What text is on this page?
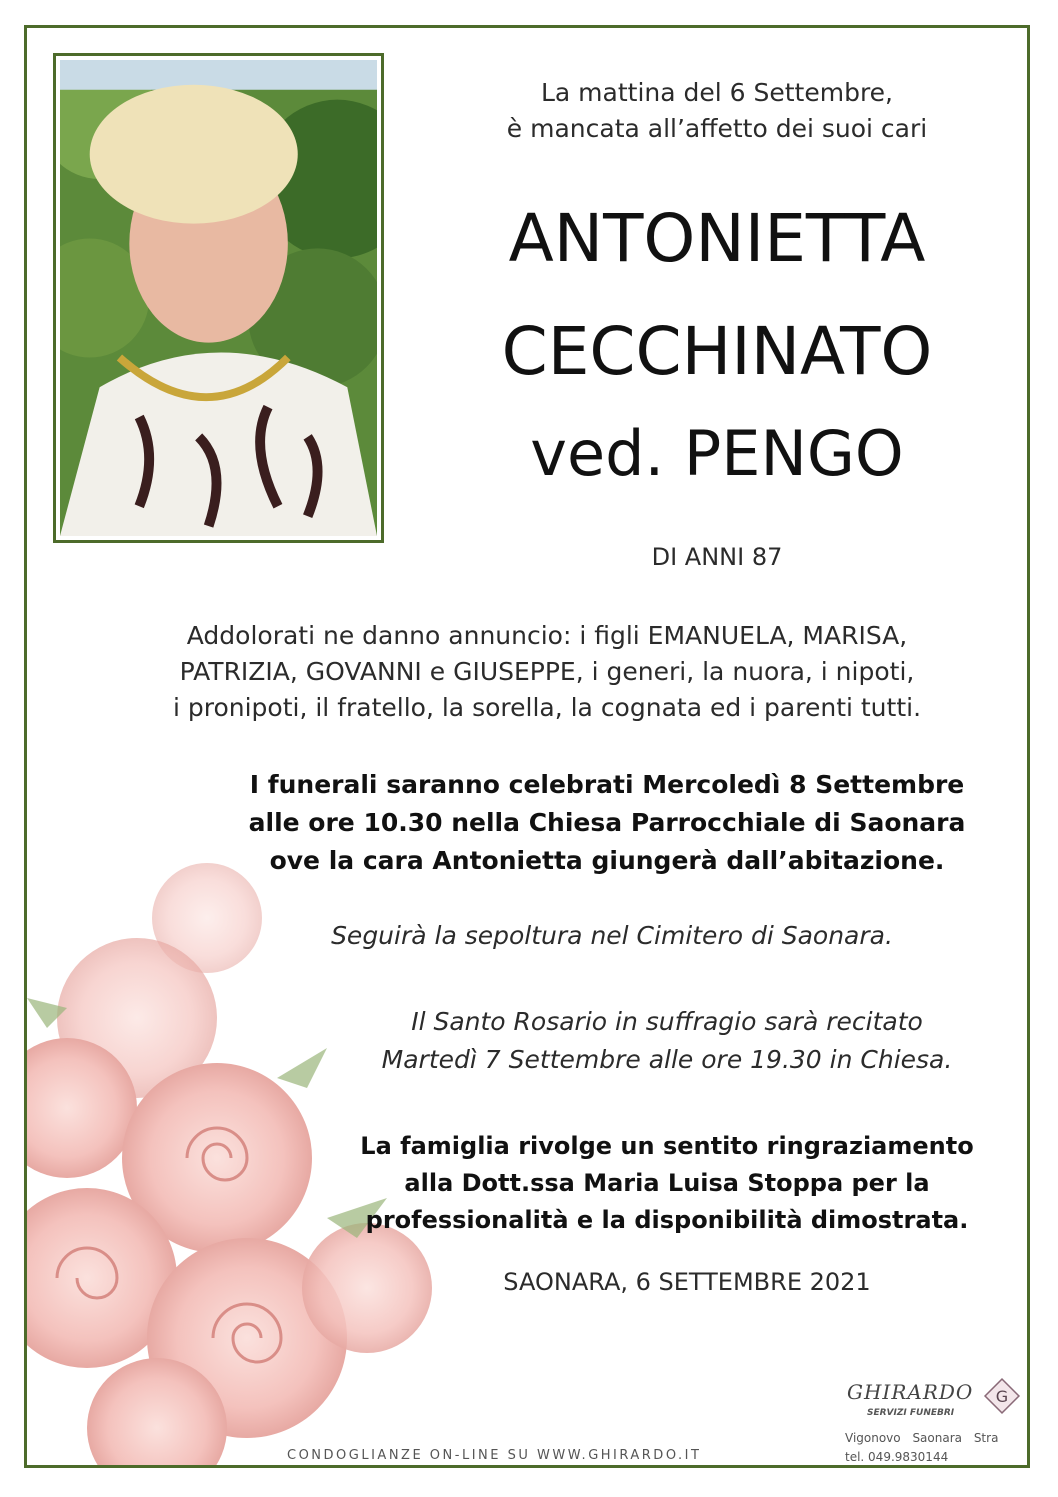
La mattina del 6 Settembre,
è mancata all’affetto dei suoi cari
ANTONIETTA
CECCHINATO
ved. PENGO
DI ANNI 87
Addolorati ne danno annuncio: i figli EMANUELA, MARISA,
PATRIZIA, GOVANNI e GIUSEPPE, i generi, la nuora, i nipoti,
i pronipoti, il fratello, la sorella, la cognata ed i parenti tutti.
I funerali saranno celebrati Mercoledì 8 Settembre
alle ore 10.30 nella Chiesa Parrocchiale di Saonara
ove la cara Antonietta giungerà dall’abitazione.
Seguirà la sepoltura nel Cimitero di Saonara.
Il Santo Rosario in suffragio sarà recitato
Martedì 7 Settembre alle ore 19.30 in Chiesa.
La famiglia rivolge un sentito ringraziamento
alla Dott.ssa Maria Luisa Stoppa per la
professionalità e la disponibilità dimostrata.
SAONARA, 6 SETTEMBRE 2021
CONDOGLIANZE ON-LINE SU WWW.GHIRARDO.IT
GHIRARDO
SERVIZI FUNEBRI
G
Vigonovo Saonara Stra
tel. 049.9830144
